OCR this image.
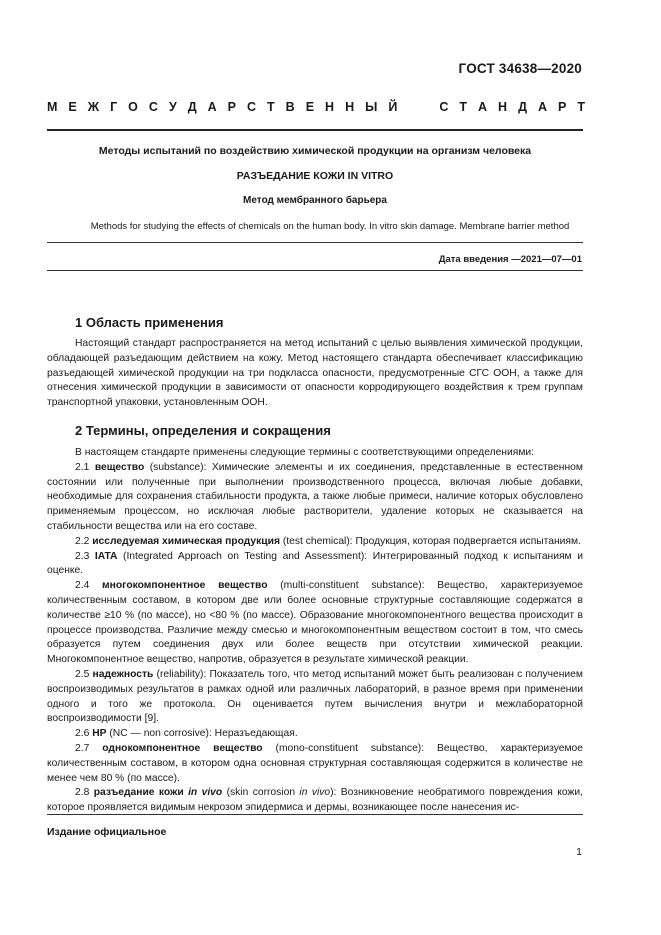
ГОСТ 34638—2020
М Е Ж Г О С У Д А Р С Т В Е Н Н Ы Й
	С Т А Н Д А Р Т
Методы испытаний по воздействию химической продукции на организм человека
РАЗЪЕДАНИЕ КОЖИ IN VITRO
Метод мембранного барьера
Methods for studying the effects of chemicals on the human body. In vitro skin damage. Membrane barrier method
Дата введения —2021—07—01
1 Область применения

Настоящий стандарт распространяется на метод испытаний с целью выявления химической продукции, обладающей разъедающим действием на кожу. Метод настоящего стандарта обеспечивает классификацию разъедающей химической продукции на три подкласса опасности, предусмотренные СГС ООН, а также для отнесения химической продукции в зависимости от опасности корродирующего воздействия к трем группам транспортной упаковки, установленным ООН.

2 Термины, определения и сокращения

В настоящем стандарте применены следующие термины с соответствующими определениями:

2.1 вещество (substance): Химические элементы и их соединения, представленные в естественном состоянии или полученные при выполнении производственного процесса, включая любые добавки, необходимые для сохранения стабильности продукта, а также любые примеси, наличие которых обусловлено применяемым процессом, но исключая любые растворители, удаление которых не сказывается на стабильности вещества или на его составе.

2.2 исследуемая химическая продукция (test chemical): Продукция, которая подвергается испытаниям.

2.3 IATA (Integrated Approach on Testing and Assessment): Интегрированный подход к испытаниям и оценке.

2.4 многокомпонентное вещество (multi-constituent substance): Вещество, характеризуемое количественным составом, в котором две или более основные структурные составляющие содержатся в количестве ≥10 % (по массе), но <80 % (по массе). Образование многокомпонентного вещества происходит в процессе производства. Различие между смесью и многокомпонентным веществом состоит в том, что смесь образуется путем соединения двух или более веществ при отсутствии химической реакции. Многокомпонентное вещество, напротив, образуется в результате химической реакции.

2.5 надежность (reliability): Показатель того, что метод испытаний может быть реализован с получением воспроизводимых результатов в рамках одной или различных лабораторий, в разное время при применении одного и того же протокола. Он оценивается путем вычисления внутри и межлабораторной воспроизводимости [9].

2.6 НР (NC — non corrosive): Неразъедающая.

2.7 однокомпонентное вещество (mono-constituent substance): Вещество, характеризуемое количественным составом, в котором одна основная структурная составляющая содержится в количестве не менее чем 80 % (по массе).

2.8 разъедание кожи in vivo (skin corrosion in vivo): Возникновение необратимого повреждения кожи, которое проявляется видимым некрозом эпидермиса и дермы, возникающее после нанесения ис-

Издание официальное
1
